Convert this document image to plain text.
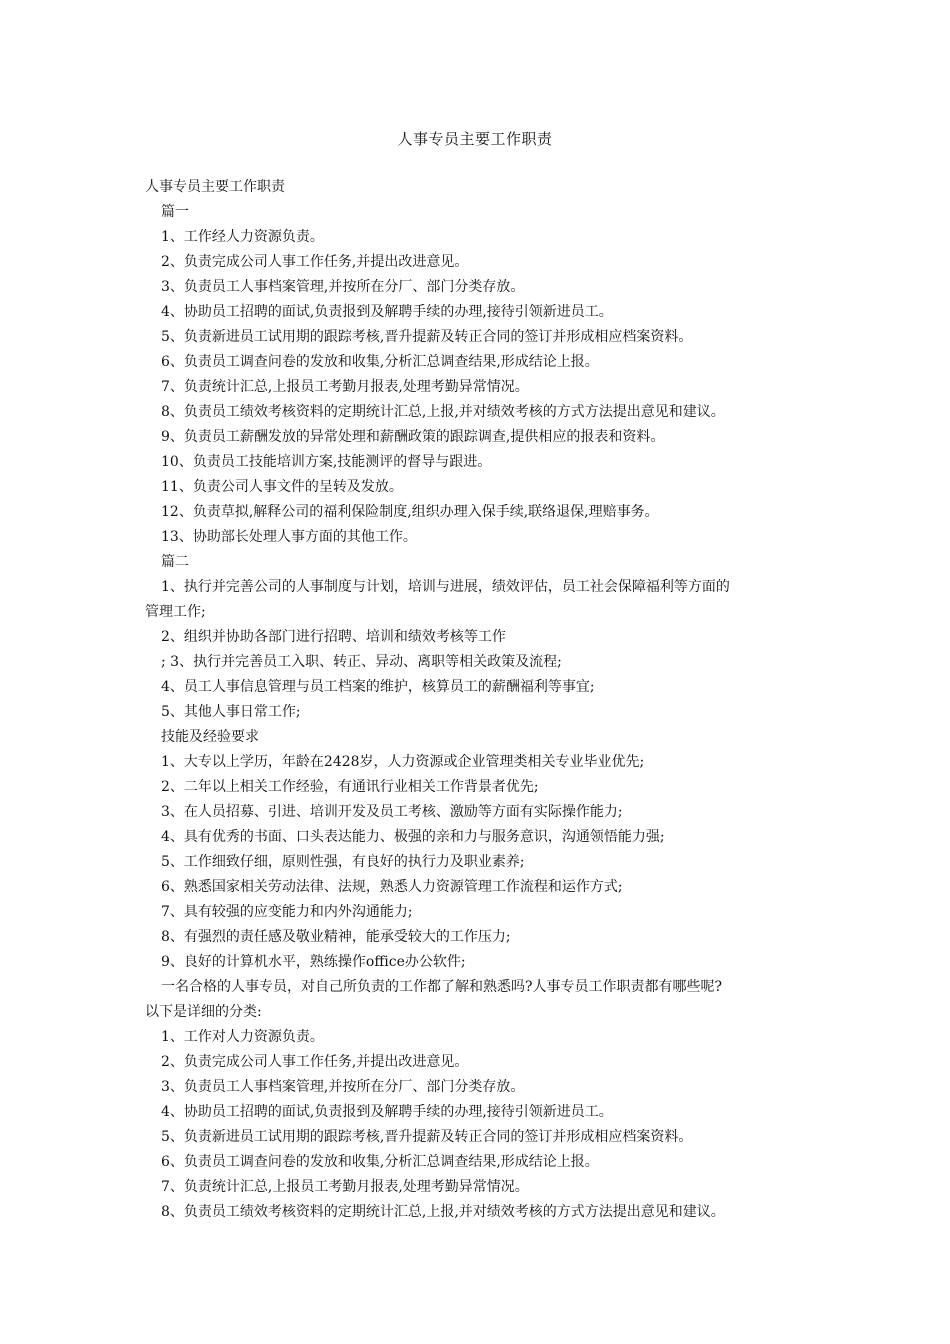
人事专员主要工作职责
人事专员主要工作职责
篇一
1、工作经人力资源负责。
2、负责完成公司人事工作任务,并提出改进意见。
3、负责员工人事档案管理,并按所在分厂、部门分类存放。
4、协助员工招聘的面试,负责报到及解聘手续的办理,接待引领新进员工。
5、负责新进员工试用期的跟踪考核,晋升提薪及转正合同的签订并形成相应档案资料。
6、负责员工调查问卷的发放和收集,分析汇总调查结果,形成结论上报。
7、负责统计汇总,上报员工考勤月报表,处理考勤异常情况。
8、负责员工绩效考核资料的定期统计汇总,上报,并对绩效考核的方式方法提出意见和建议。
9、负责员工薪酬发放的异常处理和薪酬政策的跟踪调查,提供相应的报表和资料。
10、负责员工技能培训方案,技能测评的督导与跟进。
11、负责公司人事文件的呈转及发放。
12、负责草拟,解释公司的福利保险制度,组织办理入保手续,联络退保,理赔事务。
13、协助部长处理人事方面的其他工作。
篇二
1、执行并完善公司的人事制度与计划，培训与进展，绩效评估，员工社会保障福利等方面的
管理工作;
2、组织并协助各部门进行招聘、培训和绩效考核等工作
; 3、执行并完善员工入职、转正、异动、离职等相关政策及流程;
4、员工人事信息管理与员工档案的维护，核算员工的薪酬福利等事宜;
5、其他人事日常工作;
技能及经验要求
1、大专以上学历，年龄在2428岁，人力资源或企业管理类相关专业毕业优先;
2、二年以上相关工作经验，有通讯行业相关工作背景者优先;
3、在人员招募、引进、培训开发及员工考核、激励等方面有实际操作能力;
4、具有优秀的书面、口头表达能力、极强的亲和力与服务意识，沟通领悟能力强;
5、工作细致仔细，原则性强，有良好的执行力及职业素养;
6、熟悉国家相关劳动法律、法规，熟悉人力资源管理工作流程和运作方式;
7、具有较强的应变能力和内外沟通能力;
8、有强烈的责任感及敬业精神，能承受较大的工作压力;
9、良好的计算机水平，熟练操作office办公软件;
一名合格的人事专员，对自己所负责的工作都了解和熟悉吗?人事专员工作职责都有哪些呢?
以下是详细的分类:
1、工作对人力资源负责。
2、负责完成公司人事工作任务,并提出改进意见。
3、负责员工人事档案管理,并按所在分厂、部门分类存放。
4、协助员工招聘的面试,负责报到及解聘手续的办理,接待引领新进员工。
5、负责新进员工试用期的跟踪考核,晋升提薪及转正合同的签订并形成相应档案资料。
6、负责员工调查问卷的发放和收集,分析汇总调查结果,形成结论上报。
7、负责统计汇总,上报员工考勤月报表,处理考勤异常情况。
8、负责员工绩效考核资料的定期统计汇总,上报,并对绩效考核的方式方法提出意见和建议。
